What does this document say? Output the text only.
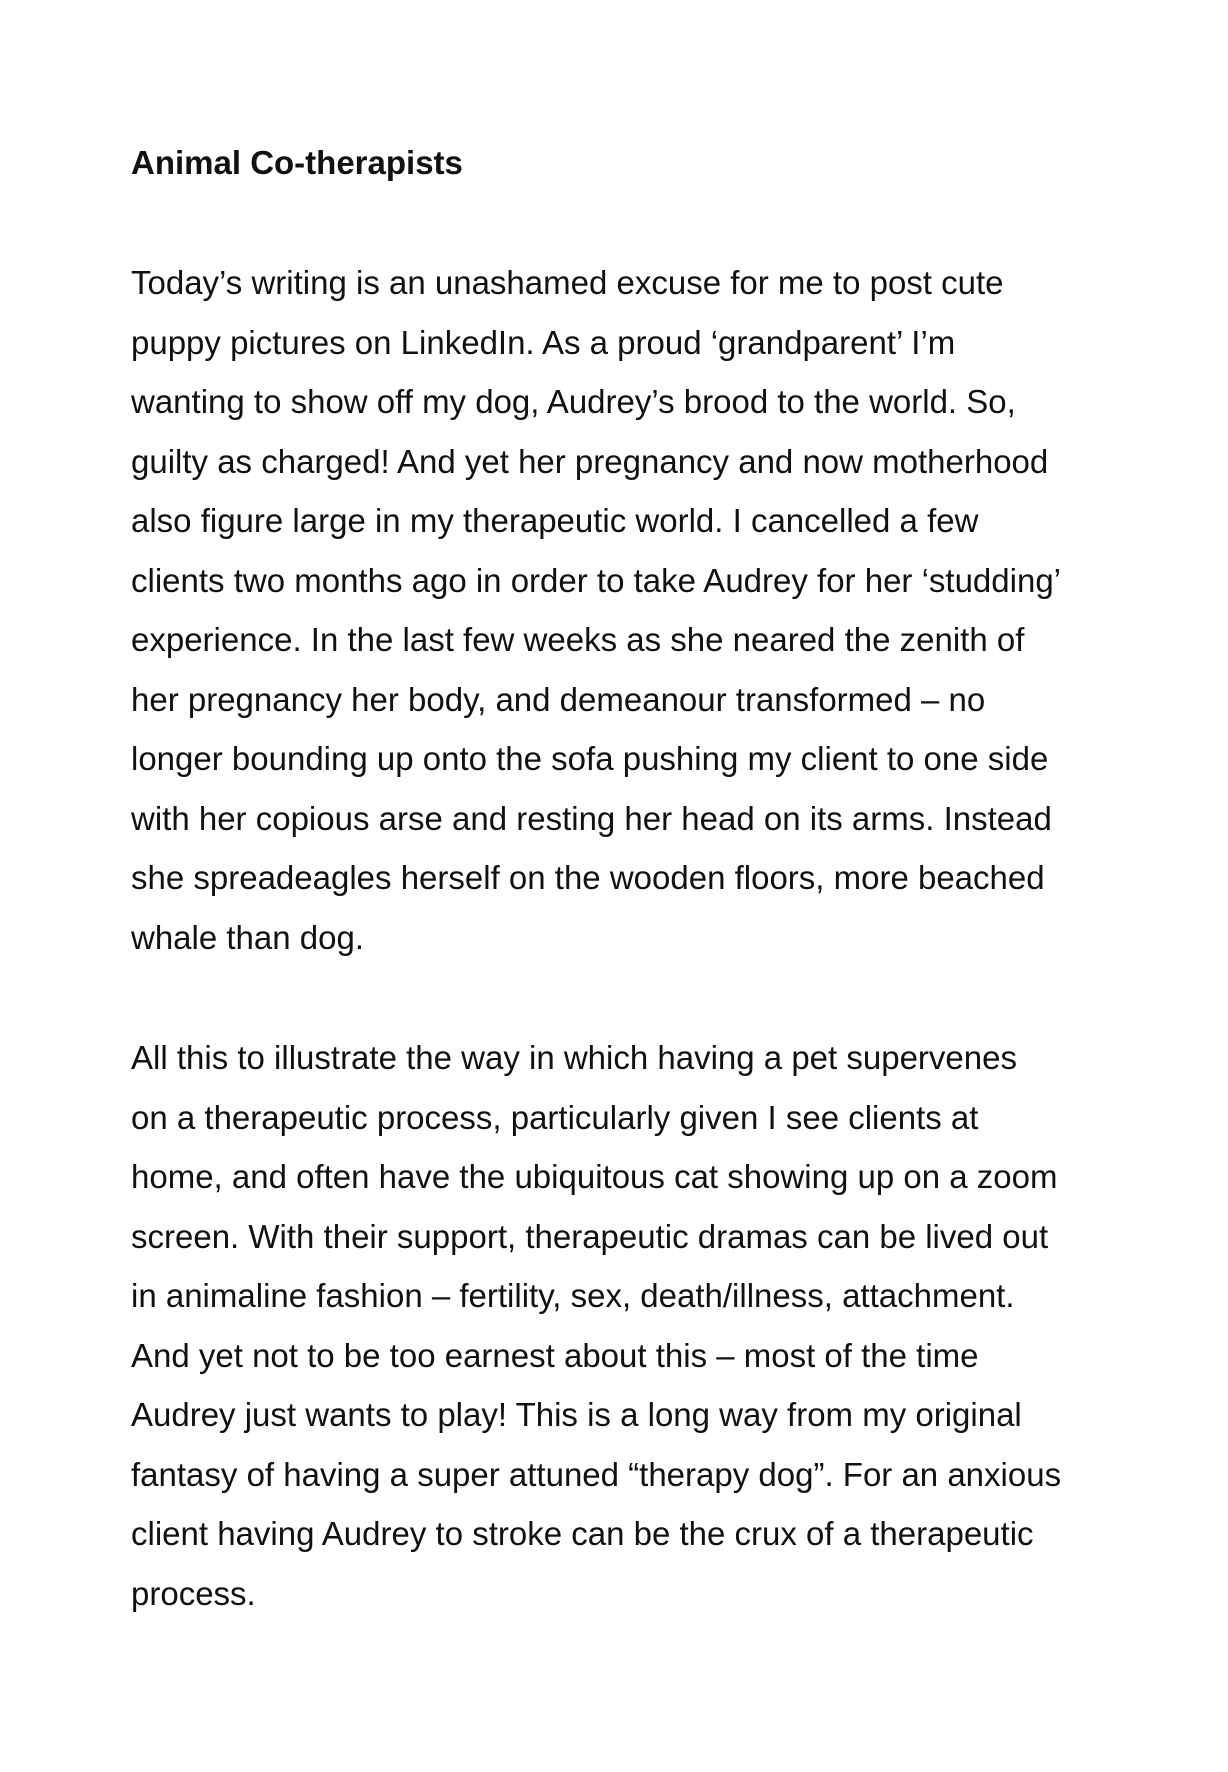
Animal Co-therapists

Today’s writing is an unashamed excuse for me to post cute
puppy pictures on LinkedIn. As a proud ‘grandparent’ I’m
wanting to show off my dog, Audrey’s brood to the world. So,
guilty as charged! And yet her pregnancy and now motherhood
also figure large in my therapeutic world. I cancelled a few
clients two months ago in order to take Audrey for her ‘studding’
experience. In the last few weeks as she neared the zenith of
her pregnancy her body, and demeanour transformed – no
longer bounding up onto the sofa pushing my client to one side
with her copious arse and resting her head on its arms. Instead
she spreadeagles herself on the wooden floors, more beached
whale than dog.

All this to illustrate the way in which having a pet supervenes
on a therapeutic process, particularly given I see clients at
home, and often have the ubiquitous cat showing up on a zoom
screen. With their support, therapeutic dramas can be lived out
in animaline fashion – fertility, sex, death/illness, attachment.
And yet not to be too earnest about this – most of the time
Audrey just wants to play! This is a long way from my original
fantasy of having a super attuned “therapy dog”. For an anxious
client having Audrey to stroke can be the crux of a therapeutic
process.
